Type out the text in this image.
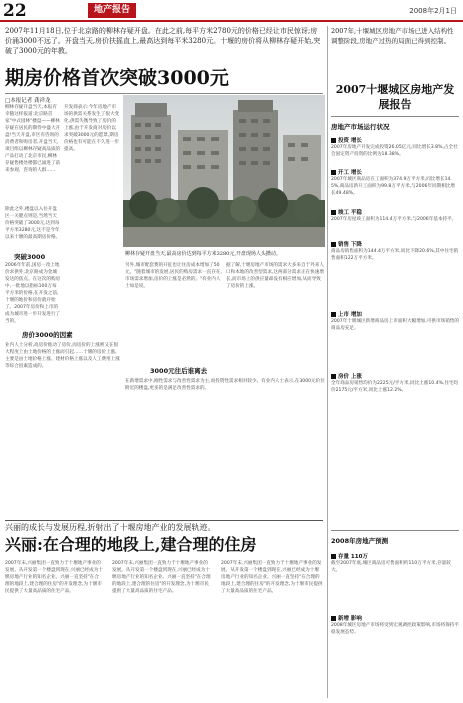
22	地产报告	2008年2月1日
2007年11月18日,位于北京路的柳林存疑开盘。在此之前,每平方米2780元的价格已经让市民惊讶;房价涌3000不远了。开盘当天,房价扶摇直上,最高达到每平米3280元。十堰的房价将从柳林存疑开始,突破了3000元的年教。
期房价格首次突破3000元
□本报记者 龚祥龙
柳林存疑开盘当天,本报有幸随这样报道:北京路首家"中式园林"楼盘——柳林存疑在居民的期待中盛大开盘!当天开盘,市区有咨询的消费者和购房者,开盘当天,项目组以柳林存疑高品质的产品打动了北京市民,柳林存疑售楼处楼都已涌进了前来参观、咨询的人群……
除此之外,楼盘以入住开盘区一关键点则是,当然当天价格突破了3000元,达到每平方米3280元,这不是今年以来十堰的最高期房价格。
突破3000
2006年年前,国房一改上地价求供外,北京路成为金城发达的焦点。在这次的购房中,一批地以指标100万每平方米的价格,在开发之前,十堰的地价和房价就开始了。2007年房价和上市的成为城市进一步开发进行了当的。
开发商表示:今年房地产市场的供需关系发生了很大变化,供需失衡导致了房价的上涨,由于开发商对房价以求突破3000元的愿景,期房价格也有可能在不久进一步提高。
房价3000的因素
业内人士分析,高房价推动了房价,而房价的上涨则又在很大程度上由土地价格的上涨而引起……十堰的房价上涨,主要是由土地价格上涨、建材价格上涨以及人工费用上涨等综合因素造成的。
柳林存疑开盘当天,最高房价达到每平方米3280元,开盘现场人头攒动。
另外,城市配套费的开征也让住房成本增加了50元。"随着城市的发展,居民的购房需求一直存在,市场需求增加,房价的上涨是必然的。"有业内人士如是说。
据了解,十堰房地产市场的需求大多来自于外来人口和本地的改善型需求,这两部分需求正在快速增长,而市场上的供应量却没有相应增加,从而导致了房价的上涨。
3000元往后谁离去
在新增需求中,刚性需求与改善性需求为主,而投资性需求相对较少。有业内人士表示,在3000元价位附近的楼盘,更多的是满足改善性需求的。
2007年,十堰城区房地产市场已进入结构性调整阶段,房地产过热的局面已得到控制。
2007十堰城区房地产发展报告
房地产市场运行状况
投资 增长
2007年房地产开发完成投资26.05亿元,同比增长3.8%,占全社会固定资产投资的比例为18.38%。
开工 增长
2007年城区商品房在工面积为374.9万平方米,同比增长14.5%,商品房新开工面积为99.8万平方米,与2006年同期相比增长49.48%。
竣工 平稳
2007年房屋竣工面积为114.4万平方米,与2006年基本持平。
销售 下降
商品房销售面积为144.4万平方米,同比下降20.6%,其中住宅销售面积122万平方米。
上市 增加
2007年十堰城区新增商品房上市面积大幅增加,可供市场销售的商品房充足。
房价 上涨
全年商品房销售均价为2225元/平方米,同比上涨10.4%,住宅均价2175元/平方米,同比上涨12.2%。
2008年房地产预测
存量 110万
截至2007年底,城区商品房可售面积约110万平方米,存量较大。
新增 影响
2008年城区房地产市场将受到宏观调控政策影响,市场将保持平稳发展态势。
兴丽的成长与发展历程,折射出了十堰房地产业的发展轨迹。
兴丽:在合理的地段上,建合理的住房
2007年末,兴丽集团一直致力于十堰地产事业的发展。从开发第一个楼盘到现在,兴丽已经成为十堰房地产行业的知名企业。兴丽一直坚持"在合理的地段上,建合理的住房"的开发理念,为十堰市民提供了大量高品质的住宅产品。
2007年末,兴丽集团一直致力于十堰地产事业的发展。从开发第一个楼盘到现在,兴丽已经成为十堰房地产行业的知名企业。兴丽一直坚持"在合理的地段上,建合理的住房"的开发理念,为十堰市民提供了大量高品质的住宅产品。
2007年末,兴丽集团一直致力于十堰地产事业的发展。从开发第一个楼盘到现在,兴丽已经成为十堰房地产行业的知名企业。兴丽一直坚持"在合理的地段上,建合理的住房"的开发理念,为十堰市民提供了大量高品质的住宅产品。
